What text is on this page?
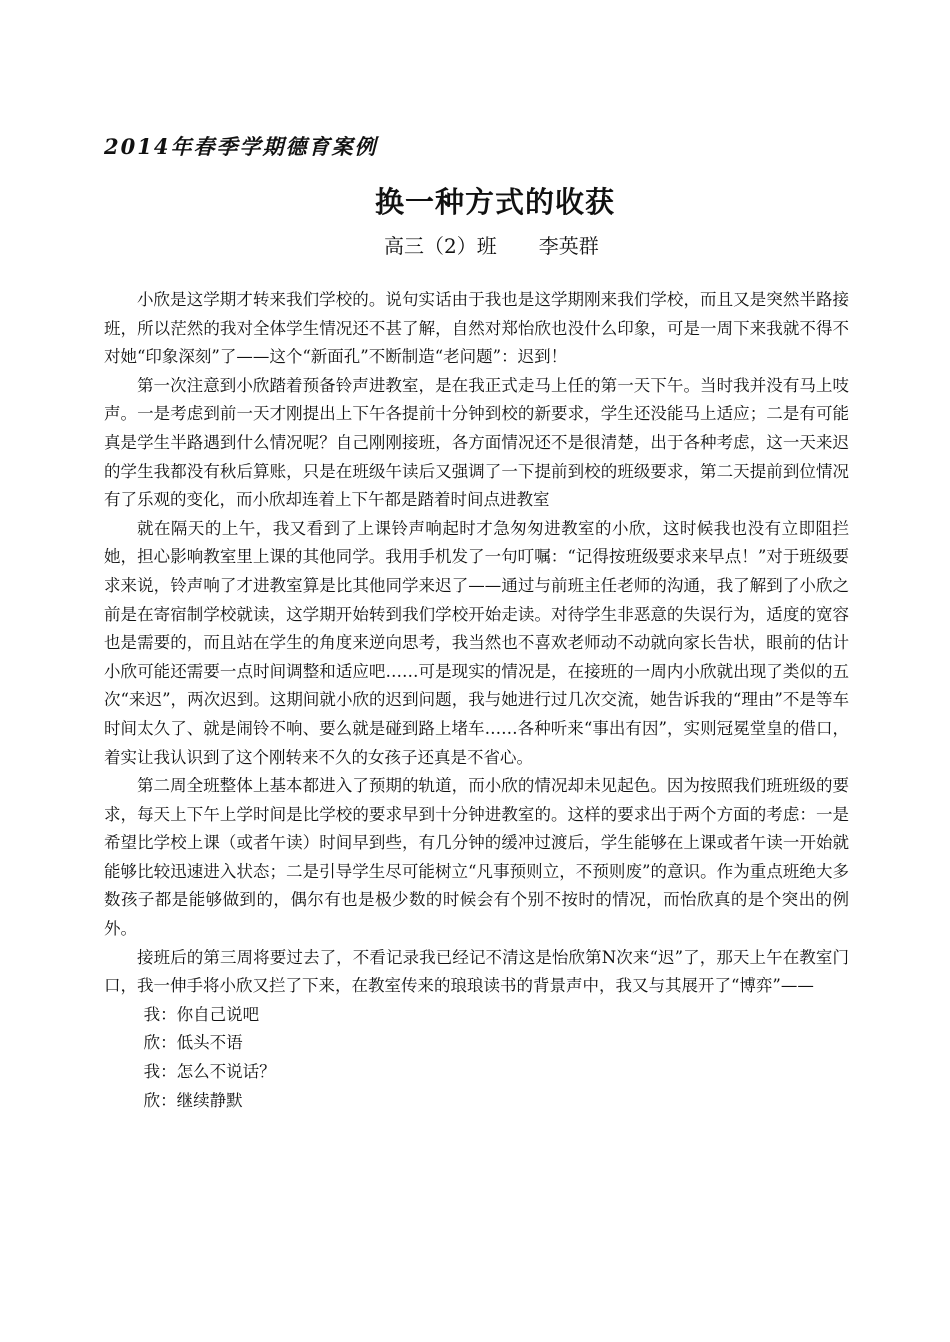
2014年春季学期德育案例
换一种方式的收获
高三（2）班 李英群

小欣是这学期才转来我们学校的。说句实话由于我也是这学期刚来我们学校，而且又是突然半路接班，所以茫然的我对全体学生情况还不甚了解，自然对郑怡欣也没什么印象，可是一周下来我就不得不对她“印象深刻”了——这个“新面孔”不断制造“老问题”：迟到！

第一次注意到小欣踏着预备铃声进教室，是在我正式走马上任的第一天下午。当时我并没有马上吱声。一是考虑到前一天才刚提出上下午各提前十分钟到校的新要求，学生还没能马上适应；二是有可能真是学生半路遇到什么情况呢？自己刚刚接班，各方面情况还不是很清楚，出于各种考虑，这一天来迟的学生我都没有秋后算账，只是在班级午读后又强调了一下提前到校的班级要求，第二天提前到位情况有了乐观的变化，而小欣却连着上下午都是踏着时间点进教室

就在隔天的上午，我又看到了上课铃声响起时才急匆匆进教室的小欣，这时候我也没有立即阻拦她，担心影响教室里上课的其他同学。我用手机发了一句叮嘱：“记得按班级要求来早点！”对于班级要求来说，铃声响了才进教室算是比其他同学来迟了——通过与前班主任老师的沟通，我了解到了小欣之前是在寄宿制学校就读，这学期开始转到我们学校开始走读。对待学生非恶意的失误行为，适度的宽容也是需要的，而且站在学生的角度来逆向思考，我当然也不喜欢老师动不动就向家长告状，眼前的估计小欣可能还需要一点时间调整和适应吧……可是现实的情况是，在接班的一周内小欣就出现了类似的五次“来迟”，两次迟到。这期间就小欣的迟到问题，我与她进行过几次交流，她告诉我的“理由”不是等车时间太久了、就是闹铃不响、要么就是碰到路上堵车……各种听来“事出有因”，实则冠冕堂皇的借口，着实让我认识到了这个刚转来不久的女孩子还真是不省心。

第二周全班整体上基本都进入了预期的轨道，而小欣的情况却未见起色。因为按照我们班班级的要求，每天上下午上学时间是比学校的要求早到十分钟进教室的。这样的要求出于两个方面的考虑：一是希望比学校上课（或者午读）时间早到些，有几分钟的缓冲过渡后，学生能够在上课或者午读一开始就能够比较迅速进入状态；二是引导学生尽可能树立“凡事预则立，不预则废”的意识。作为重点班绝大多数孩子都是能够做到的，偶尔有也是极少数的时候会有个别不按时的情况，而怡欣真的是个突出的例外。

接班后的第三周将要过去了，不看记录我已经记不清这是怡欣第N次来“迟”了，那天上午在教室门口，我一伸手将小欣又拦了下来，在教室传来的琅琅读书的背景声中，我又与其展开了“博弈”——

我：你自己说吧

欣：低头不语

我：怎么不说话？

欣：继续静默
